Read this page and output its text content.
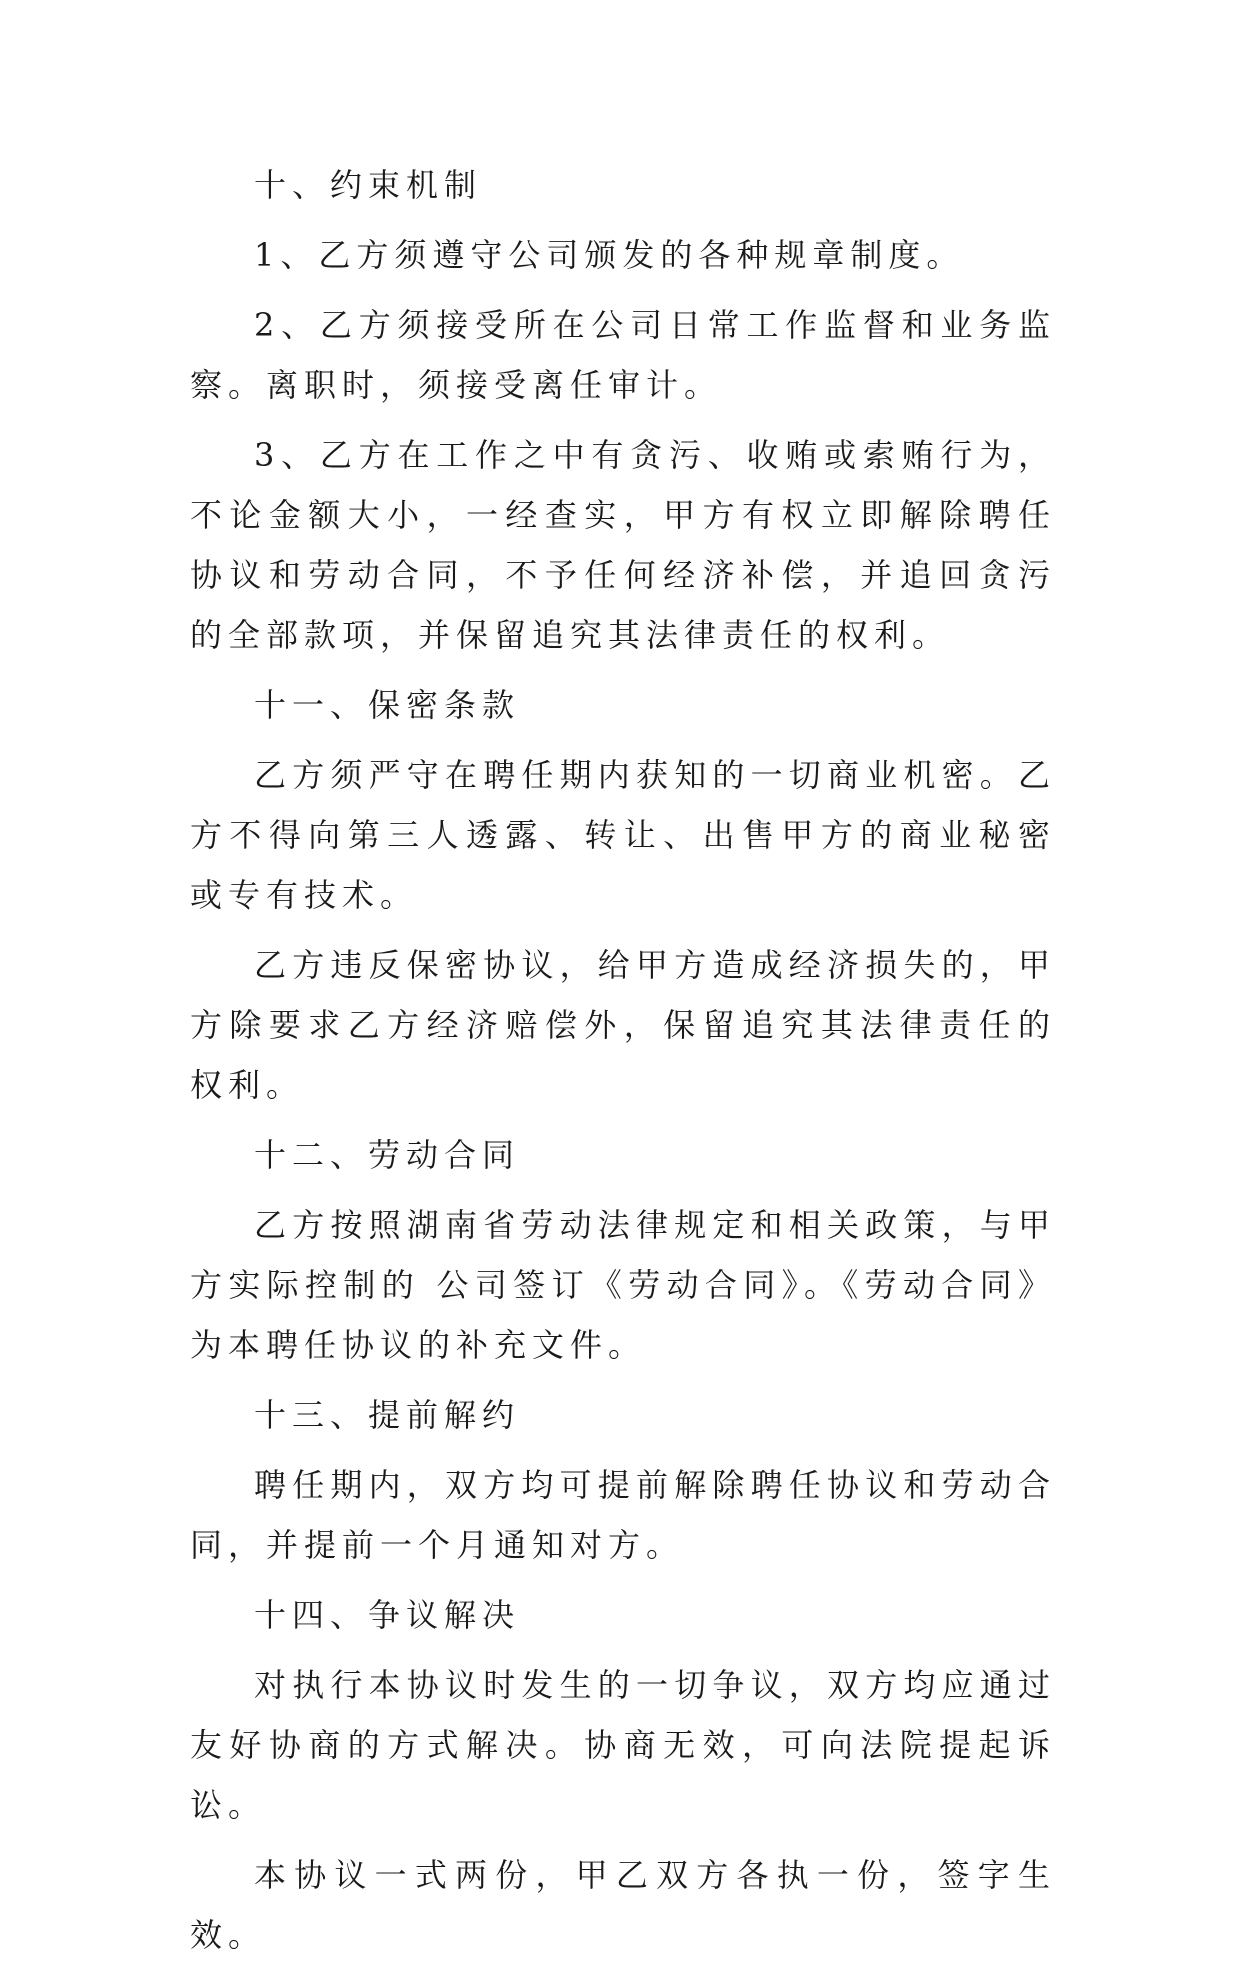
十、约束机制

1、乙方须遵守公司颁发的各种规章制度。

2、乙方须接受所在公司日常工作监督和业务监察。离职时，须接受离任审计。

3、乙方在工作之中有贪污、收贿或索贿行为，不论金额大小，一经查实，甲方有权立即解除聘任协议和劳动合同，不予任何经济补偿，并追回贪污的全部款项，并保留追究其法律责任的权利。

十一、保密条款

乙方须严守在聘任期内获知的一切商业机密。乙方不得向第三人透露、转让、出售甲方的商业秘密或专有技术。

乙方违反保密协议，给甲方造成经济损失的，甲方除要求乙方经济赔偿外，保留追究其法律责任的权利。

十二、劳动合同

乙方按照湖南省劳动法律规定和相关政策，与甲方实际控制的 公司签订《劳动合同》。《劳动合同》为本聘任协议的补充文件。

十三、提前解约

聘任期内，双方均可提前解除聘任协议和劳动合同，并提前一个月通知对方。

十四、争议解决

对执行本协议时发生的一切争议，双方均应通过友好协商的方式解决。协商无效，可向法院提起诉讼。

本协议一式两份，甲乙双方各执一份，签字生效。
